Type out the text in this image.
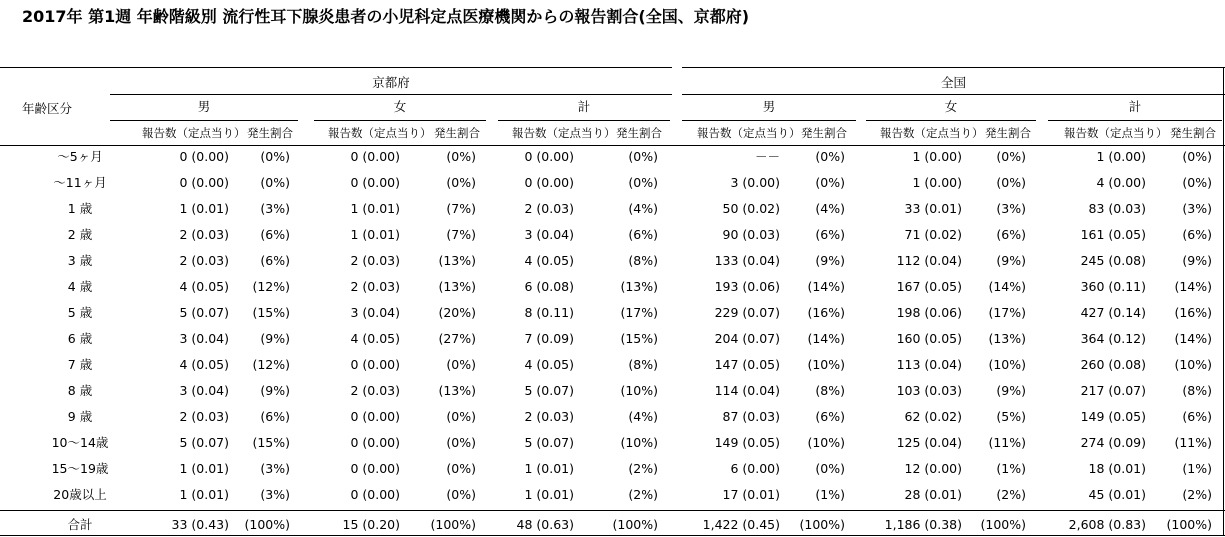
2017年 第1週 年齢階級別 流行性耳下腺炎患者の小児科定点医療機関からの報告割合(全国、京都府)
年齢区分
京都府
男
報告数（定点当り） 発生割合
女
報告数（定点当り） 発生割合
計
報告数（定点当り） 発生割合
全国
男
報告数（定点当り） 発生割合
女
報告数（定点当り） 発生割合
計
報告数（定点当り） 発生割合
〜5ヶ月	0 (0.00)	(0%)	0 (0.00)	(0%)	0 (0.00)	(0%)	－－	(0%)	1 (0.00)	(0%)	1 (0.00)	(0%)
〜11ヶ月	0 (0.00)	(0%)	0 (0.00)	(0%)	0 (0.00)	(0%)	3 (0.00)	(0%)	1 (0.00)	(0%)	4 (0.00)	(0%)
1 歳	1 (0.01)	(3%)	1 (0.01)	(7%)	2 (0.03)	(4%)	50 (0.02)	(4%)	33 (0.01)	(3%)	83 (0.03)	(3%)
2 歳	2 (0.03)	(6%)	1 (0.01)	(7%)	3 (0.04)	(6%)	90 (0.03)	(6%)	71 (0.02)	(6%)	161 (0.05)	(6%)
3 歳	2 (0.03)	(6%)	2 (0.03)	(13%)	4 (0.05)	(8%)	133 (0.04)	(9%)	112 (0.04)	(9%)	245 (0.08)	(9%)
4 歳	4 (0.05)	(12%)	2 (0.03)	(13%)	6 (0.08)	(13%)	193 (0.06)	(14%)	167 (0.05)	(14%)	360 (0.11)	(14%)
5 歳	5 (0.07)	(15%)	3 (0.04)	(20%)	8 (0.11)	(17%)	229 (0.07)	(16%)	198 (0.06)	(17%)	427 (0.14)	(16%)
6 歳	3 (0.04)	(9%)	4 (0.05)	(27%)	7 (0.09)	(15%)	204 (0.07)	(14%)	160 (0.05)	(13%)	364 (0.12)	(14%)
7 歳	4 (0.05)	(12%)	0 (0.00)	(0%)	4 (0.05)	(8%)	147 (0.05)	(10%)	113 (0.04)	(10%)	260 (0.08)	(10%)
8 歳	3 (0.04)	(9%)	2 (0.03)	(13%)	5 (0.07)	(10%)	114 (0.04)	(8%)	103 (0.03)	(9%)	217 (0.07)	(8%)
9 歳	2 (0.03)	(6%)	0 (0.00)	(0%)	2 (0.03)	(4%)	87 (0.03)	(6%)	62 (0.02)	(5%)	149 (0.05)	(6%)
10〜14歳	5 (0.07)	(15%)	0 (0.00)	(0%)	5 (0.07)	(10%)	149 (0.05)	(10%)	125 (0.04)	(11%)	274 (0.09)	(11%)
15〜19歳	1 (0.01)	(3%)	0 (0.00)	(0%)	1 (0.01)	(2%)	6 (0.00)	(0%)	12 (0.00)	(1%)	18 (0.01)	(1%)
20歳以上	1 (0.01)	(3%)	0 (0.00)	(0%)	1 (0.01)	(2%)	17 (0.01)	(1%)	28 (0.01)	(2%)	45 (0.01)	(2%)
合計	33 (0.43)	(100%)	15 (0.20)	(100%)	48 (0.63)	(100%)	1,422 (0.45)	(100%)	1,186 (0.38)	(100%)	2,608 (0.83)	(100%)
